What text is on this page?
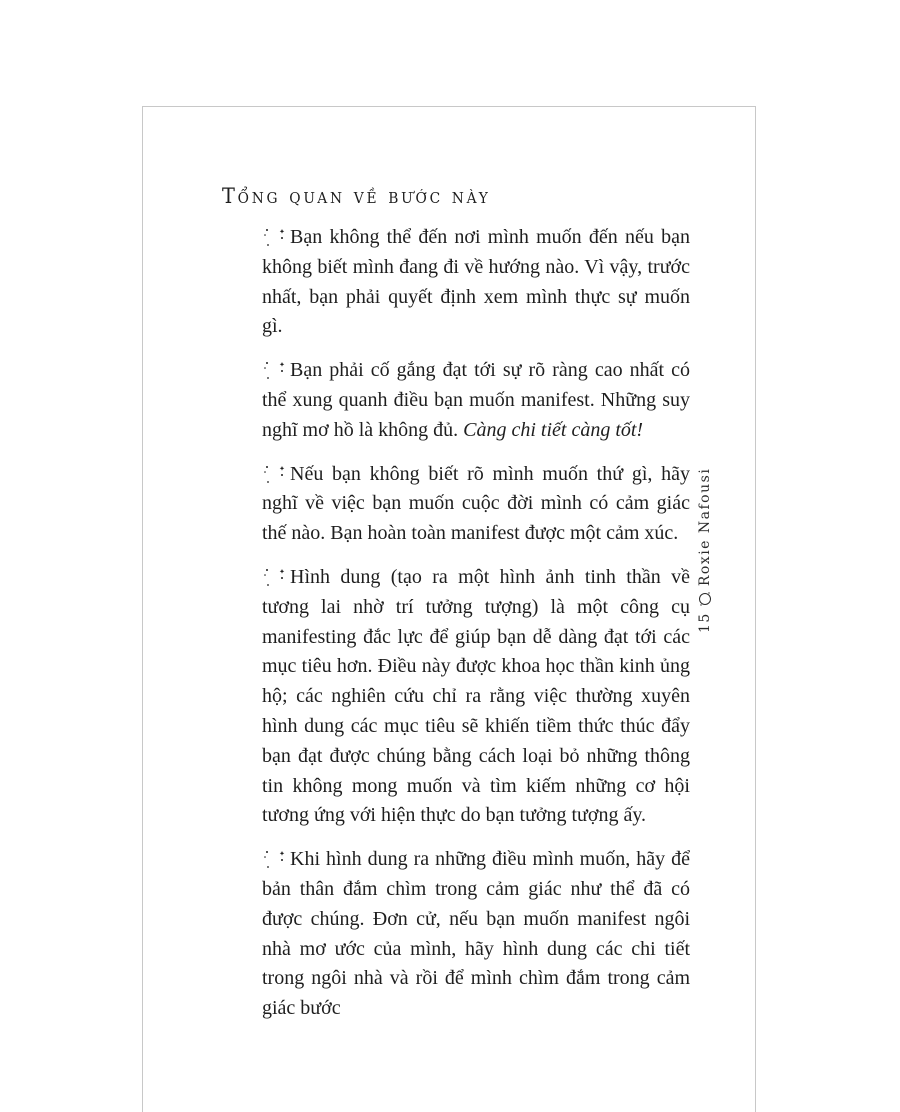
Tổng quan về bước này

Bạn không thể đến nơi mình muốn đến nếu bạn không biết mình đang đi về hướng nào. Vì vậy, trước nhất, bạn phải quyết định xem mình thực sự muốn gì.

Bạn phải cố gắng đạt tới sự rõ ràng cao nhất có thể xung quanh điều bạn muốn manifest. Những suy nghĩ mơ hồ là không đủ. Càng chi tiết càng tốt!

Nếu bạn không biết rõ mình muốn thứ gì, hãy nghĩ về việc bạn muốn cuộc đời mình có cảm giác thế nào. Bạn hoàn toàn manifest được một cảm xúc.

Hình dung (tạo ra một hình ảnh tinh thần về tương lai nhờ trí tưởng tượng) là một công cụ manifesting đắc lực để giúp bạn dễ dàng đạt tới các mục tiêu hơn. Điều này được khoa học thần kinh ủng hộ; các nghiên cứu chỉ ra rằng việc thường xuyên hình dung các mục tiêu sẽ khiến tiềm thức thúc đẩy bạn đạt được chúng bằng cách loại bỏ những thông tin không mong muốn và tìm kiếm những cơ hội tương ứng với hiện thực do bạn tưởng tượng ấy.

Khi hình dung ra những điều mình muốn, hãy để bản thân đắm chìm trong cảm giác như thể đã có được chúng. Đơn cử, nếu bạn muốn manifest ngôi nhà mơ ước của mình, hãy hình dung các chi tiết trong ngôi nhà và rồi để mình chìm đắm trong cảm giác bước

15
Roxie Nafousi
